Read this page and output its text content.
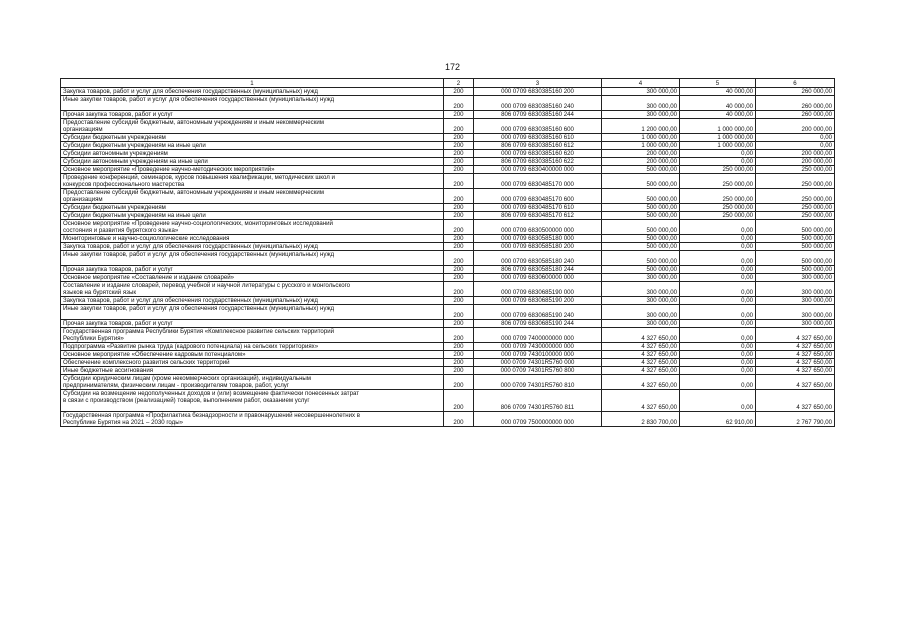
172
1	2	3	4	5	6

Закупка товаров, работ и услуг для обеспечения государственных (муниципальных) нужд	200	000 0709 6830385160 200	300 000,00	40 000,00	260 000,00

Иные закупки товаров, работ и услуг для обеспечения государственных (муниципальных) нужд	200	000 0709 6830385160 240	300 000,00	40 000,00	260 000,00

Прочая закупка товаров, работ и услуг	200	806 0709 6830385160 244	300 000,00	40 000,00	260 000,00

Предоставление субсидий бюджетным, автономным учреждениям и иным некоммерческим
организациям	200	000 0709 6830385160 600	1 200 000,00	1 000 000,00	200 000,00

Субсидии бюджетным учреждениям	200	000 0709 6830385160 610	1 000 000,00	1 000 000,00	0,00

Субсидии бюджетным учреждениям на иные цели	200	806 0709 6830385160 612	1 000 000,00	1 000 000,00	0,00

Субсидии автономным учреждениям	200	000 0709 6830385160 620	200 000,00	0,00	200 000,00

Субсидии автономным учреждениям на иные цели	200	806 0709 6830385160 622	200 000,00	0,00	200 000,00

Основное мероприятие «Проведение научно-методических мероприятий»	200	000 0709 6830400000 000	500 000,00	250 000,00	250 000,00

Проведение конференций, семинаров, курсов повышения квалификации, методических школ и
конкурсов профессионального мастерства	200	000 0709 6830485170 000	500 000,00	250 000,00	250 000,00

Предоставление субсидий бюджетным, автономным учреждениям и иным некоммерческим
организациям	200	000 0709 6830485170 600	500 000,00	250 000,00	250 000,00

Субсидии бюджетным учреждениям	200	000 0709 6830485170 610	500 000,00	250 000,00	250 000,00

Субсидии бюджетным учреждениям на иные цели	200	806 0709 6830485170 612	500 000,00	250 000,00	250 000,00

Основное мероприятие «Проведение научно-социологических, мониторинговых исследований
состояния и развития бурятского языка»	200	000 0709 6830500000 000	500 000,00	0,00	500 000,00

Мониторинговые и научно-социологические исследования	200	000 0709 6830585180 000	500 000,00	0,00	500 000,00

Закупка товаров, работ и услуг для обеспечения государственных (муниципальных) нужд	200	000 0709 6830585180 200	500 000,00	0,00	500 000,00

Иные закупки товаров, работ и услуг для обеспечения государственных (муниципальных) нужд	200	000 0709 6830585180 240	500 000,00	0,00	500 000,00

Прочая закупка товаров, работ и услуг	200	806 0709 6830585180 244	500 000,00	0,00	500 000,00

Основное мероприятие «Составление и издание словарей»	200	000 0709 6830600000 000	300 000,00	0,00	300 000,00

Составление и издание словарей, перевод учебной и научной литературы с русского и монгольского
языков на бурятский язык	200	000 0709 6830685190 000	300 000,00	0,00	300 000,00

Закупка товаров, работ и услуг для обеспечения государственных (муниципальных) нужд	200	000 0709 6830685190 200	300 000,00	0,00	300 000,00

Иные закупки товаров, работ и услуг для обеспечения государственных (муниципальных) нужд	200	000 0709 6830685190 240	300 000,00	0,00	300 000,00

Прочая закупка товаров, работ и услуг	200	806 0709 6830685190 244	300 000,00	0,00	300 000,00

Государственная программа Республики Бурятия «Комплексное развитие сельских территорий
Республики Бурятия»	200	000 0709 7400000000 000	4 327 650,00	0,00	4 327 650,00

Подпрограмма «Развитие рынка труда (кадрового потенциала) на сельских территориях»	200	000 0709 7430000000 000	4 327 650,00	0,00	4 327 650,00

Основное мероприятие «Обеспечение кадровым потенциалом»	200	000 0709 7430100000 000	4 327 650,00	0,00	4 327 650,00

Обеспечение комплексного развития сельских территорий	200	000 0709 74301R5760 000	4 327 650,00	0,00	4 327 650,00

Иные бюджетные ассигнования	200	000 0709 74301R5760 800	4 327 650,00	0,00	4 327 650,00

Субсидии юридическим лицам (кроме некоммерческих организаций), индивидуальным
предпринимателям, физическим лицам - производителям товаров, работ, услуг	200	000 0709 74301R5760 810	4 327 650,00	0,00	4 327 650,00

Субсидии на возмещение недополученных доходов и (или) возмещение фактически понесенных затрат
в связи с производством (реализацией) товаров, выполнением работ, оказанием услуг	200	806 0709 74301R5760 811	4 327 650,00	0,00	4 327 650,00

Государственная программа «Профилактика безнадзорности и правонарушений несовершеннолетних в
Республике Бурятия на 2021 – 2030 годы»	200	000 0709 7500000000 000	2 830 700,00	62 910,00	2 767 790,00
